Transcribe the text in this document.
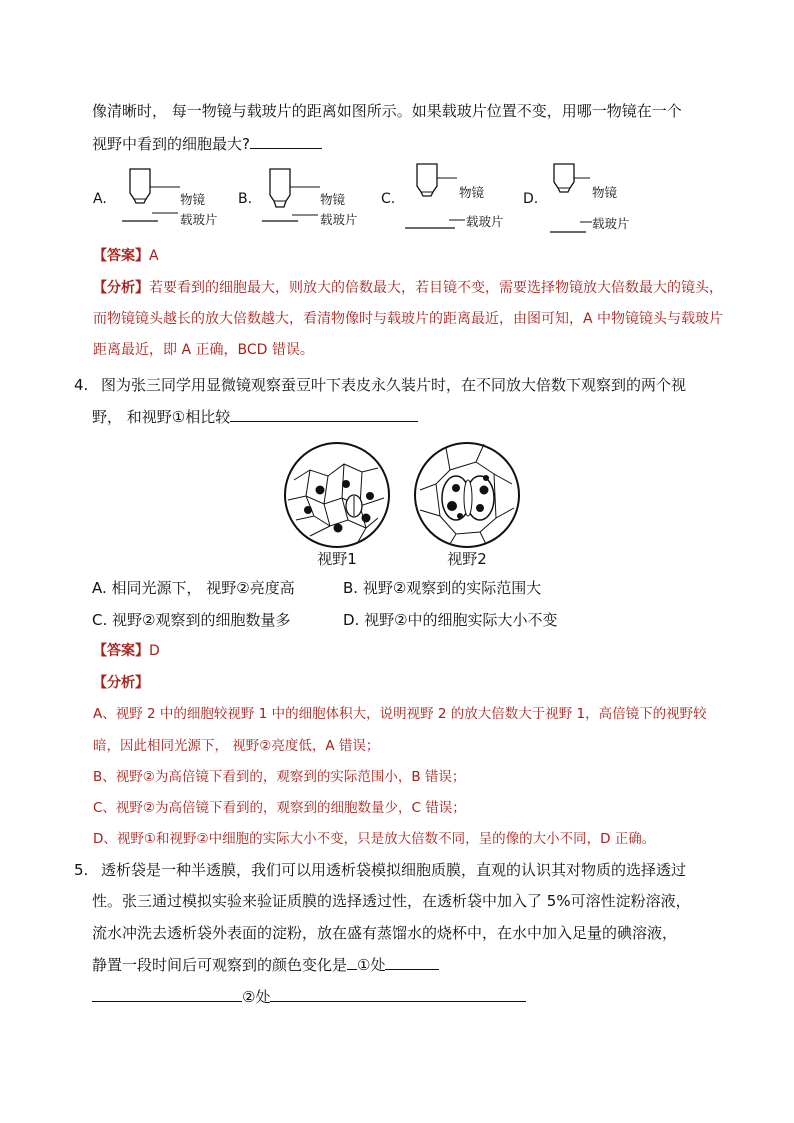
像清晰时， 每一物镜与载玻片的距离如图所示。如果载玻片位置不变，用哪一物镜在一个
视野中看到的细胞最大?
A.	物镜
载玻片
B.	物镜
载玻片
C.	物镜
载玻片
D.	物镜
载玻片
【答案】A
【分析】若要看到的细胞最大，则放大的倍数最大，若目镜不变，需要选择物镜放大倍数最大的镜头，
而物镜镜头越长的放大倍数越大，看清物像时与载玻片的距离最近，由图可知，A 中物镜镜头与载玻片
距离最近，即 A 正确，BCD 错误。
4. 图为张三同学用显微镜观察蚕豆叶下表皮永久装片时，在不同放大倍数下观察到的两个视
野， 和视野①相比较
视野1	视野2
A. 相同光源下， 视野②亮度高	B. 视野②观察到的实际范围大
C. 视野②观察到的细胞数量多	D. 视野②中的细胞实际大小不变
【答案】D
【分析】
A、视野 2 中的细胞较视野 1 中的细胞体积大，说明视野 2 的放大倍数大于视野 1，高倍镜下的视野较
暗，因此相同光源下， 视野②亮度低，A 错误；
B、视野②为高倍镜下看到的，观察到的实际范围小，B 错误；
C、视野②为高倍镜下看到的，观察到的细胞数量少，C 错误；
D、视野①和视野②中细胞的实际大小不变，只是放大倍数不同，呈的像的大小不同，D 正确。
5. 透析袋是一种半透膜，我们可以用透析袋模拟细胞质膜，直观的认识其对物质的选择透过
性。张三通过模拟实验来验证质膜的选择透过性，在透析袋中加入了 5%可溶性淀粉溶液，
流水冲洗去透析袋外表面的淀粉，放在盛有蒸馏水的烧杯中，在水中加入足量的碘溶液，
静置一段时间后可观察到的颜色变化是 ①处
②处
